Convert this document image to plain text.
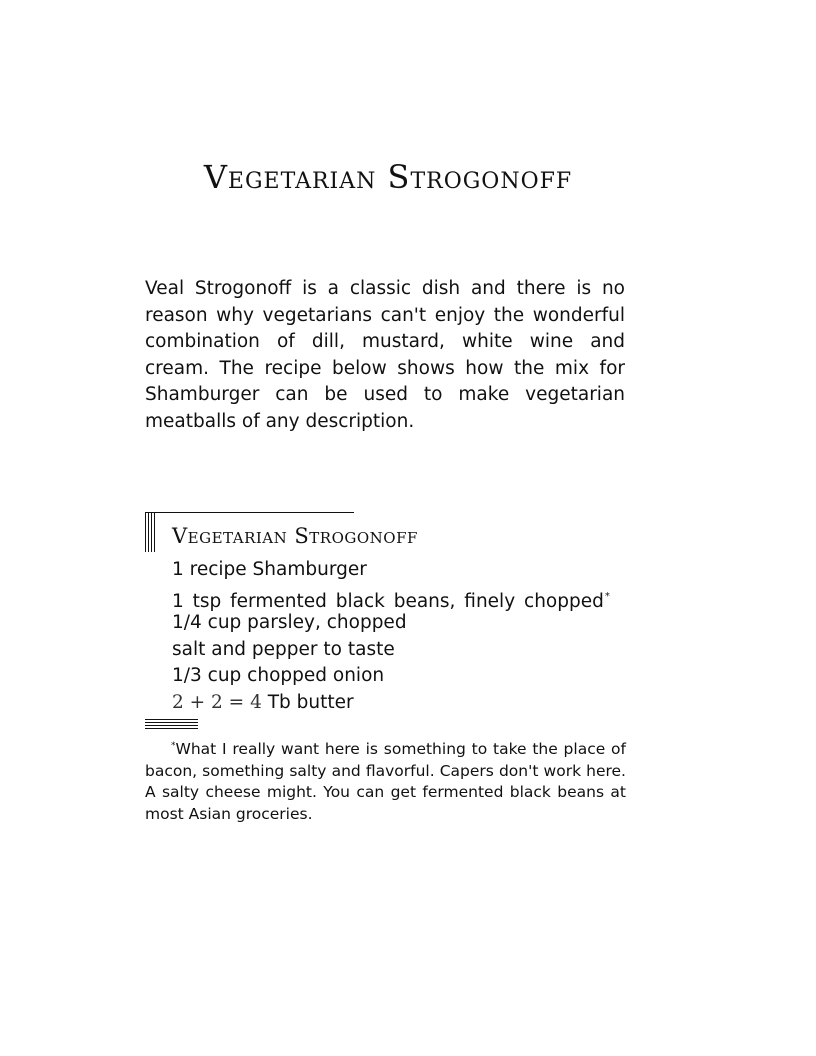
Vegetarian Strogonoff

Veal Strogonoff is a classic dish and there is no reason why vegetarians can't enjoy the wonderful combination of dill, mustard, white wine and cream. The recipe below shows how the mix for Shamburger can be used to make vegetarian meatballs of any description.

Vegetarian Strogonoff
1 recipe Shamburger
1 tsp fermented black beans, finely chopped*
1/4 cup parsley, chopped
salt and pepper to taste
1/3 cup chopped onion
2 + 2 = 4 Tb butter

*What I really want here is something to take the place of bacon, something salty and flavorful. Capers don't work here. A salty cheese might. You can get fermented black beans at most Asian groceries.
